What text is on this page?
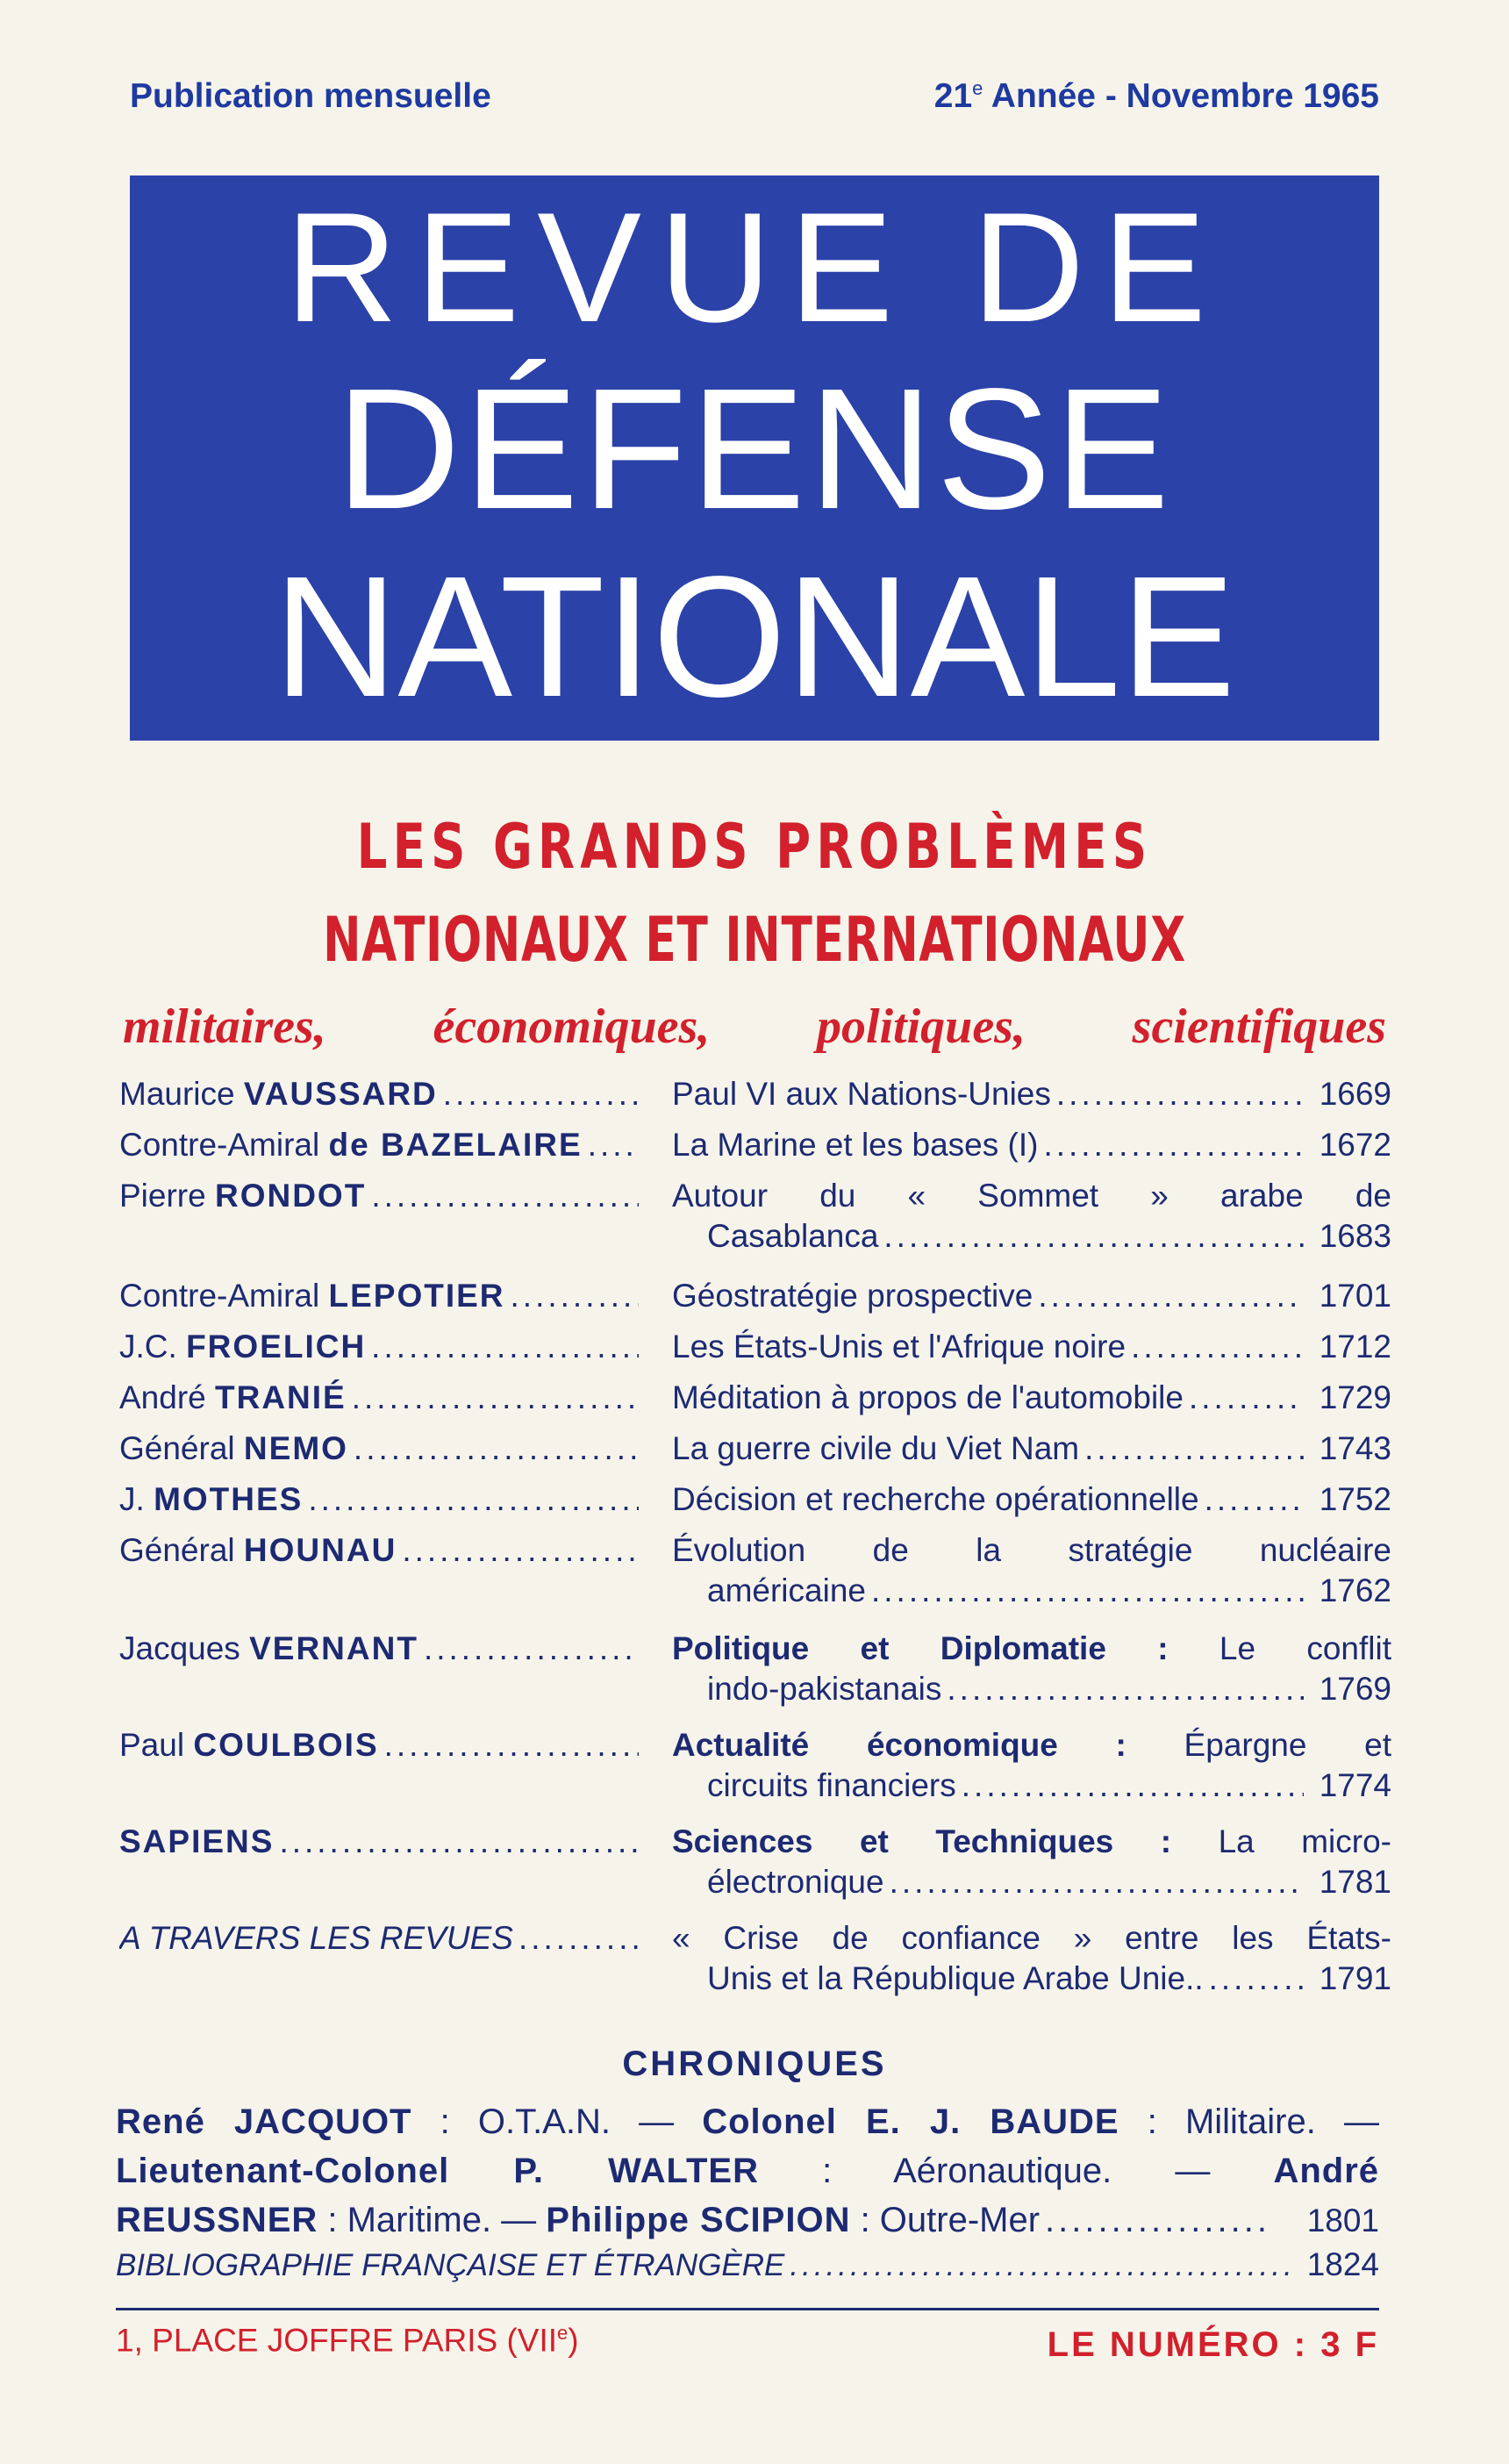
Publication mensuelle	21e Année - Novembre 1965
REVUE DE
DÉFENSE
NATIONALE
LES GRANDS PROBLÈMES
NATIONAUX ET INTERNATIONAUX
militaires, économiques, politiques, scientifiques
Maurice VAUSSARD .....	Paul VI aux Nations-Unies .....	1669
Contre-Amiral de BAZELAIRE .....	La Marine et les bases (I) .....	1672
Pierre RONDOT .....	Autour du « Sommet » arabe de
Casablanca .....	1683
Contre-Amiral LEPOTIER .....	Géostratégie prospective .....	1701
J.C. FROELICH .....	Les États-Unis et l'Afrique noire .....	1712
André TRANIÉ .....	Méditation à propos de l'automobile .....	1729
Général NEMO .....	La guerre civile du Viet Nam .....	1743
J. MOTHES .....	Décision et recherche opérationnelle .....	1752
Général HOUNAU .....	Évolution de la stratégie nucléaire
américaine .....	1762
Jacques VERNANT .....	Politique et Diplomatie : Le conflit
indo-pakistanais .....	1769
Paul COULBOIS .....	Actualité économique : Épargne et
circuits financiers .....	1774
SAPIENS .....	Sciences et Techniques : La micro-
électronique .....	1781
A TRAVERS LES REVUES .....	« Crise de confiance » entre les États-
Unis et la République Arabe Unie.. .....	1791
CHRONIQUES
René JACQUOT : O.T.A.N. — Colonel E. J. BAUDE : Militaire. —
Lieutenant-Colonel P. WALTER : Aéronautique. — André
REUSSNER : Maritime. — Philippe SCIPION : Outre-Mer .....	1801
BIBLIOGRAPHIE FRANÇAISE ET ÉTRANGÈRE .....	1824
1, PLACE JOFFRE PARIS (VIIe)	LE NUMÉRO : 3 F
